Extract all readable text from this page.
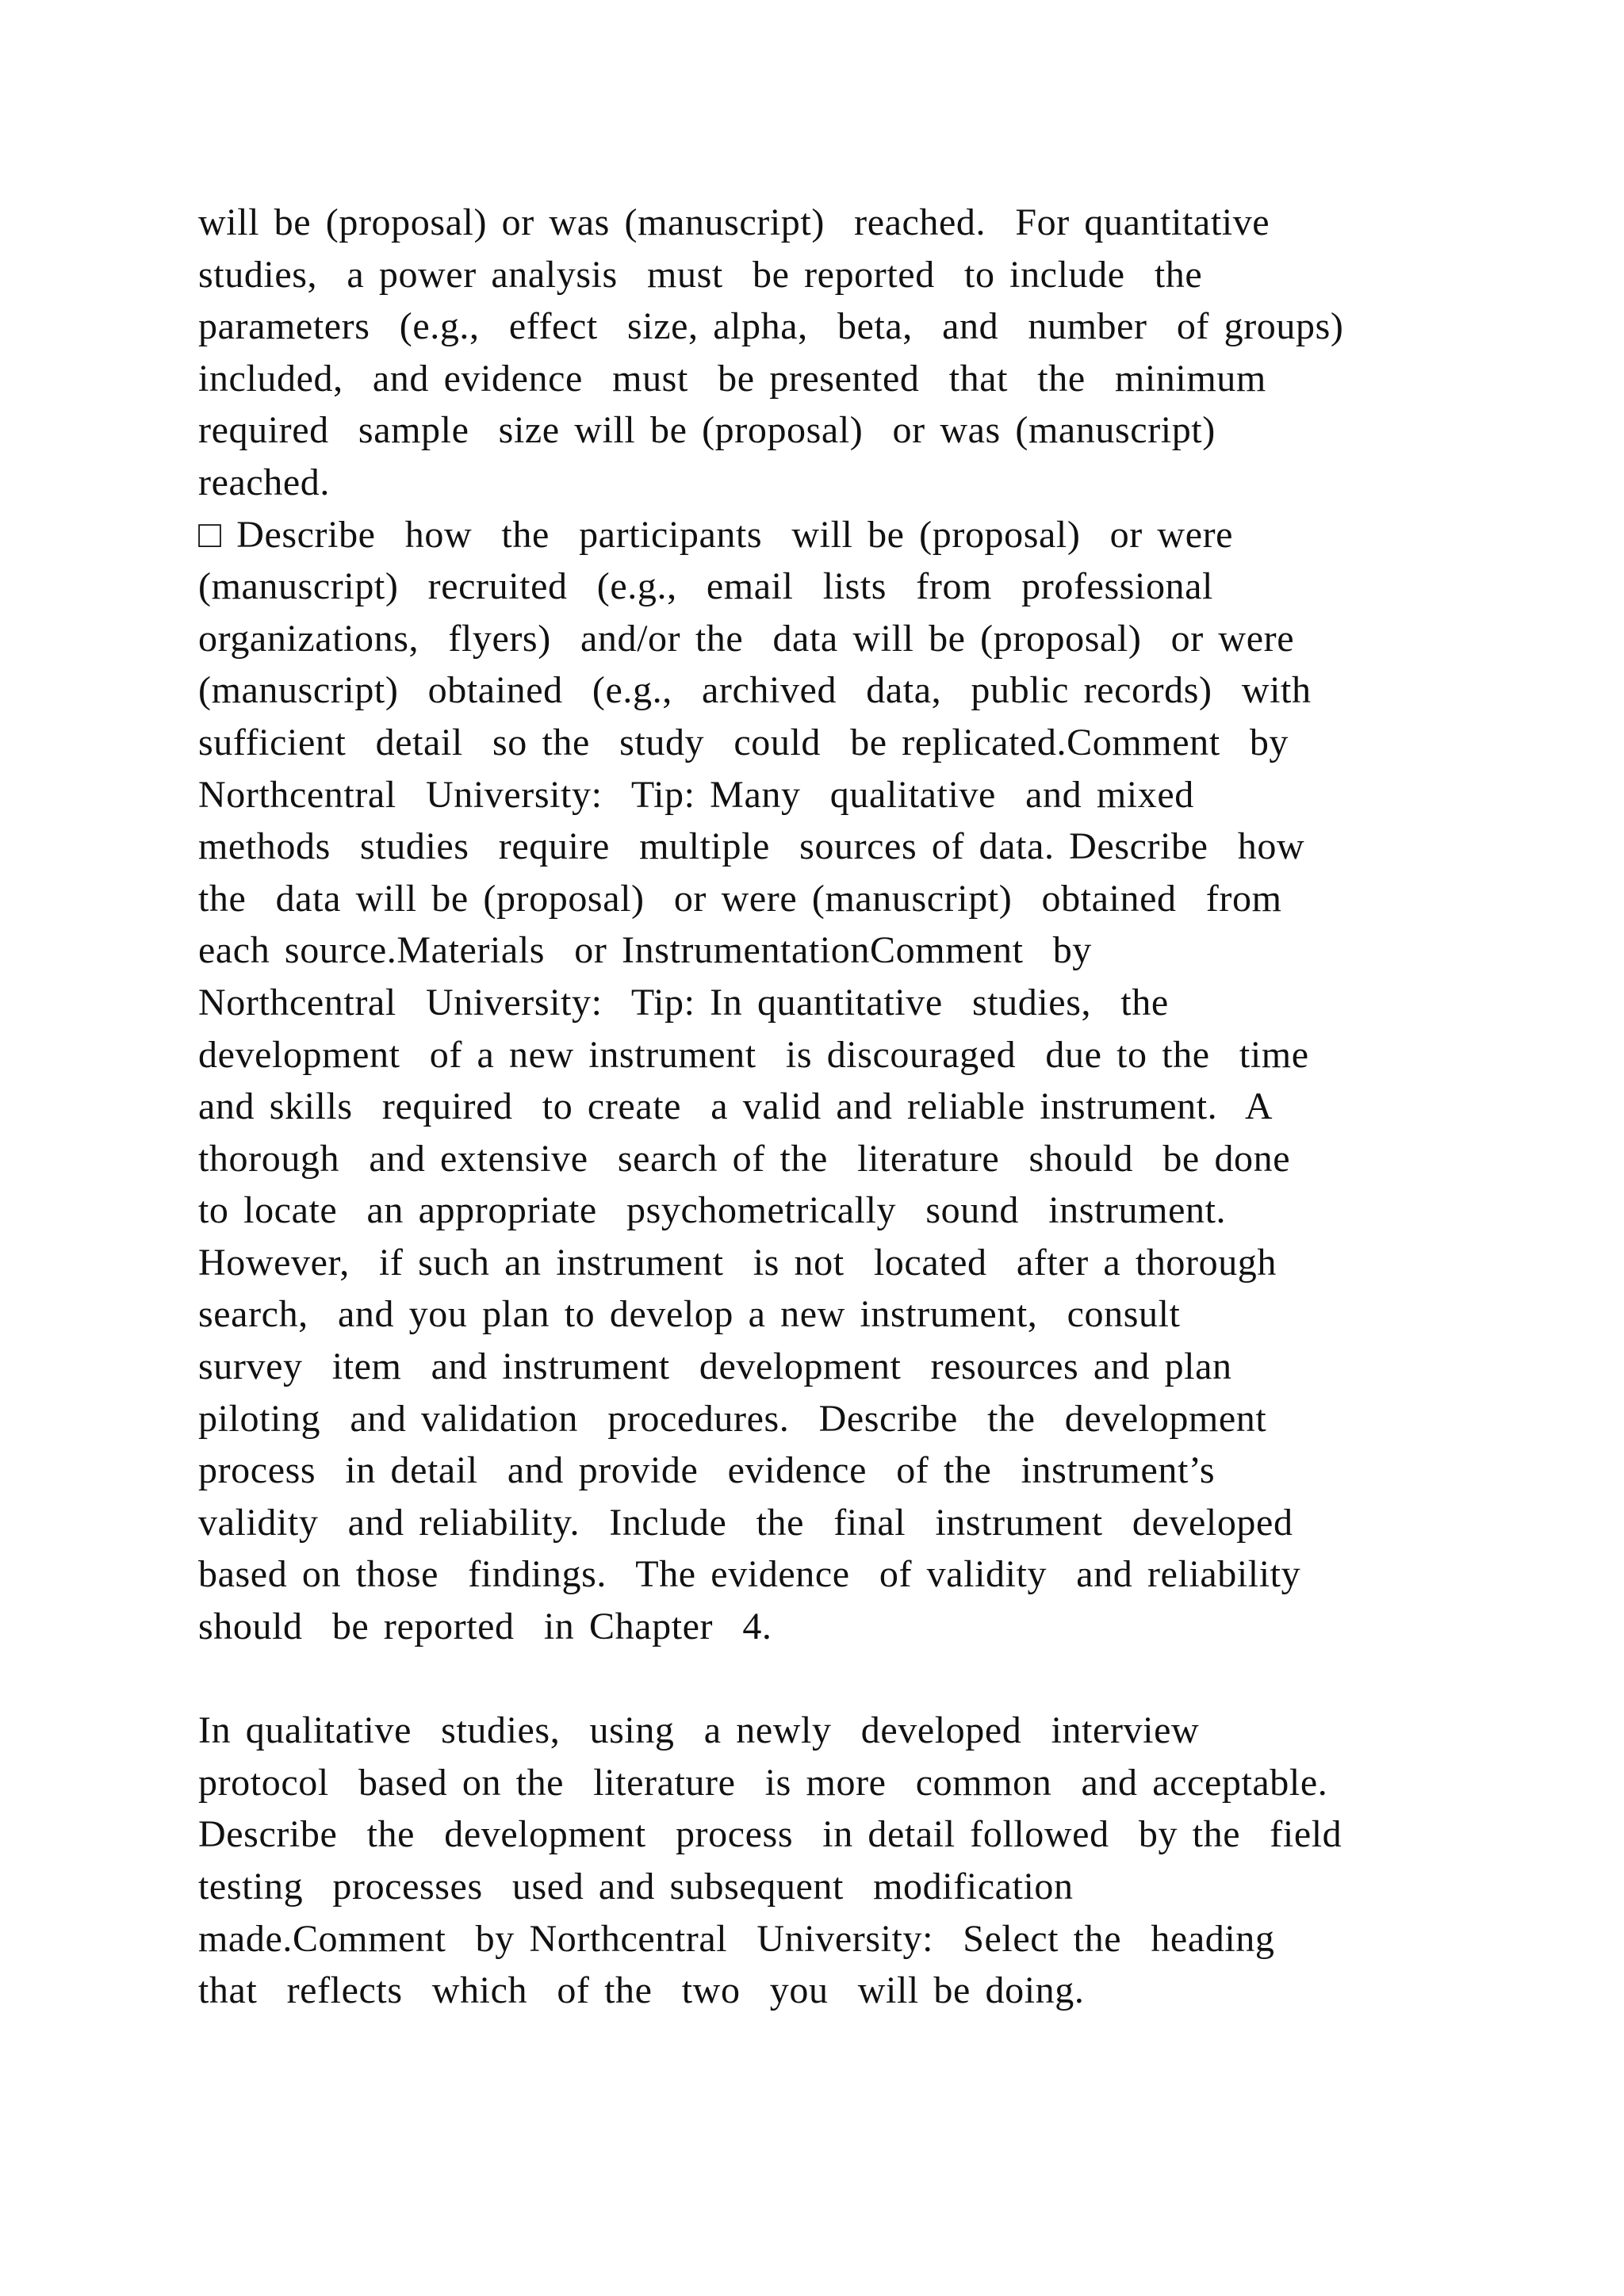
will be (proposal) or was (manuscript)  reached.  For quantitative
studies,  a power analysis  must  be reported  to include  the
parameters  (e.g.,  effect  size, alpha,  beta,  and  number  of groups)
included,  and evidence  must  be presented  that  the  minimum
required  sample  size will be (proposal)  or was (manuscript)
reached.
□ Describe  how  the  participants  will be (proposal)  or were
(manuscript)  recruited  (e.g.,  email  lists  from  professional
organizations,  flyers)  and/or the  data will be (proposal)  or were
(manuscript)  obtained  (e.g.,  archived  data,  public records)  with
sufficient  detail  so the  study  could  be replicated.Comment  by
Northcentral  University:  Tip: Many  qualitative  and mixed
methods  studies  require  multiple  sources of data. Describe  how
the  data will be (proposal)  or were (manuscript)  obtained  from
each source.Materials  or InstrumentationComment  by
Northcentral  University:  Tip: In quantitative  studies,  the
development  of a new instrument  is discouraged  due to the  time
and skills  required  to create  a valid and reliable instrument.  A
thorough  and extensive  search of the  literature  should  be done
to locate  an appropriate  psychometrically  sound  instrument.
However,  if such an instrument  is not  located  after a thorough
search,  and you plan to develop a new instrument,  consult
survey  item  and instrument  development  resources and plan
piloting  and validation  procedures.  Describe  the  development
process  in detail  and provide  evidence  of the  instrument’s
validity  and reliability.  Include  the  final  instrument  developed
based on those  findings.  The evidence  of validity  and reliability
should  be reported  in Chapter  4.
In qualitative  studies,  using  a newly  developed  interview
protocol  based on the  literature  is more  common  and acceptable.
Describe  the  development  process  in detail followed  by the  field
testing  processes  used and subsequent  modification
made.Comment  by Northcentral  University:  Select the  heading
that  reflects  which  of the  two  you  will be doing.
